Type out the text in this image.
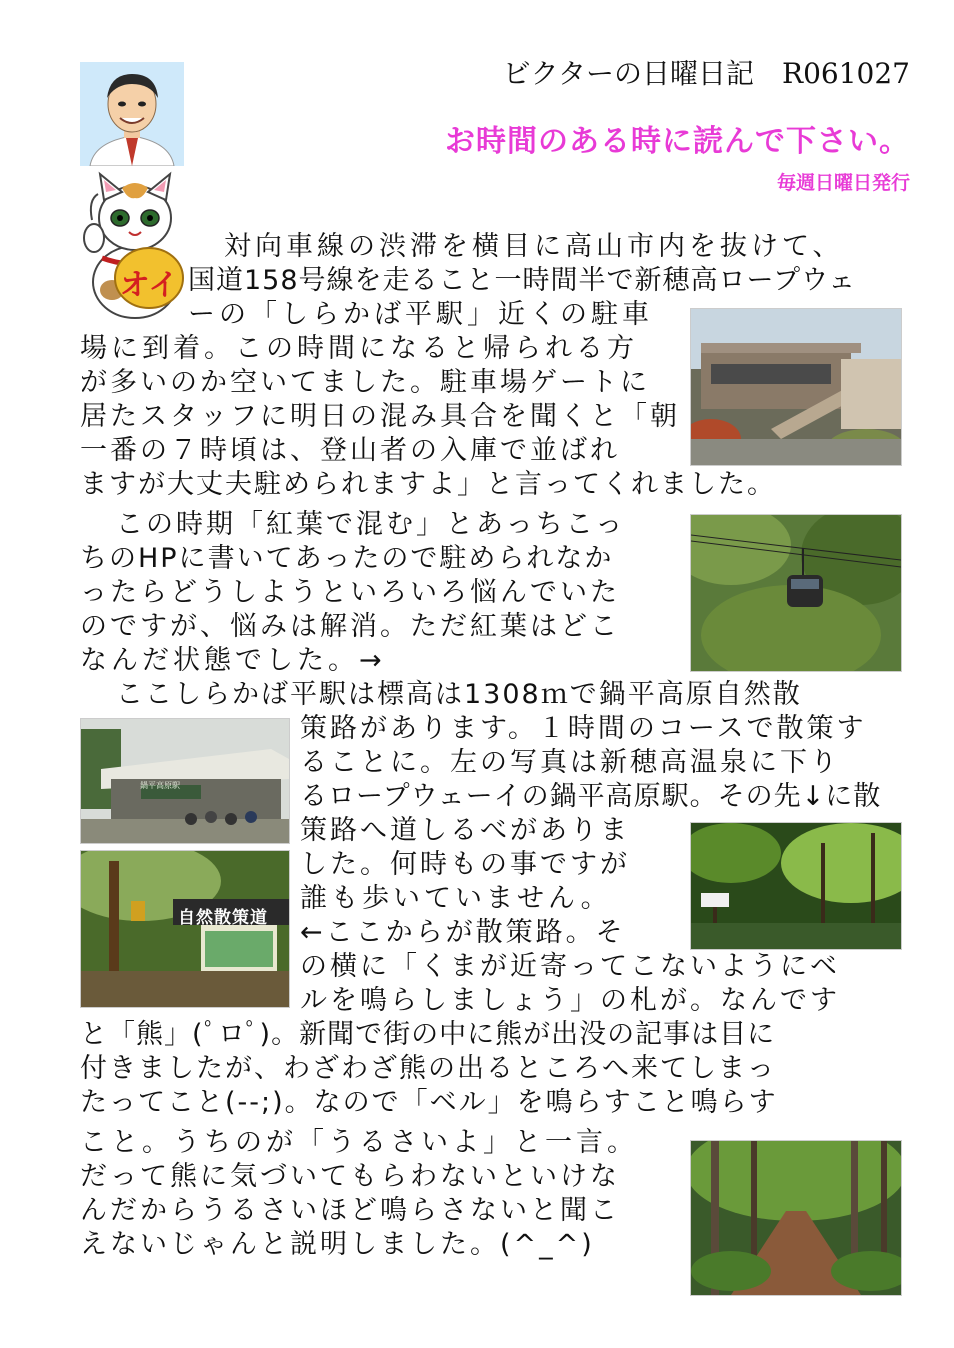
ビクターの日曜日記　R061027
お時間のある時に読んで下さい。
毎週日曜日発行
オイ
対向車線の渋滞を横目に高山市内を抜けて、
国道158号線を走ること一時間半で新穂高ロープウェ
ーの「しらかば平駅」近くの駐車
場に到着。この時間になると帰られる方
が多いのか空いてました。駐車場ゲートに
居たスタッフに明日の混み具合を聞くと「朝
一番の７時頃は、登山者の入庫で並ばれ
ますが大丈夫駐められますよ」と言ってくれました。
この時期「紅葉で混む」とあっちこっ
ちのHPに書いてあったので駐められなか
ったらどうしようといろいろ悩んでいた
のですが、悩みは解消。ただ紅葉はどこ
なんだ状態でした。→
ここしらかば平駅は標高は1308ｍで鍋平高原自然散
策路があります。１時間のコースで散策す
ることに。左の写真は新穂高温泉に下り
るロープウェーイの鍋平高原駅。その先↓に散
策路へ道しるべがありま
した。何時もの事ですが
誰も歩いていません。
←ここからが散策路。そ
の横に「くまが近寄ってこないようにベ
ルを鳴らしましょう」の札が。なんです
と「熊」(ﾟロﾟ)。新聞で街の中に熊が出没の記事は目に
付きましたが、わざわざ熊の出るところへ来てしまっ
たってこと(--;)。なので「ベル」を鳴らすこと鳴らす
こと。うちのが「うるさいよ」と一言。
だって熊に気づいてもらわないといけな
んだからうるさいほど鳴らさないと聞こ
えないじゃんと説明しました。(^_^)
鍋平高原駅
自然散策道
